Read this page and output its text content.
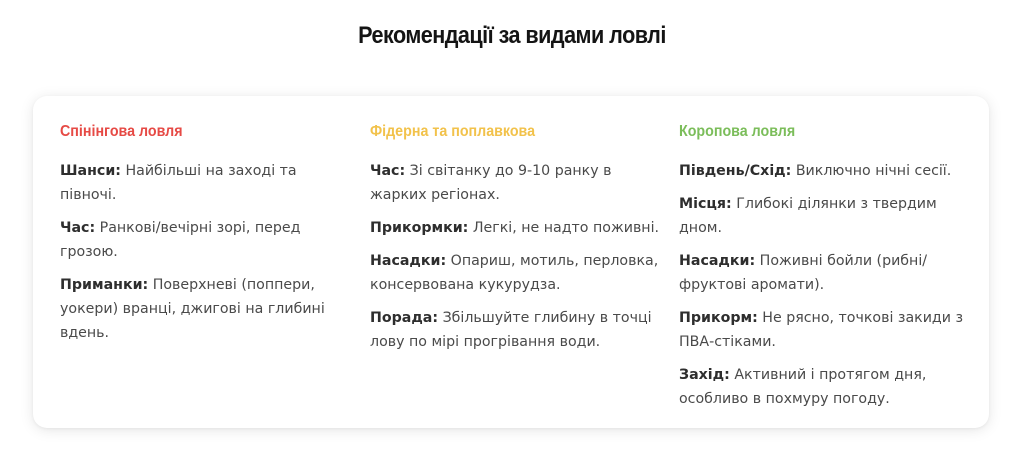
Рекомендації за видами ловлі
Спінінгова ловля

Шанси: Найбільші на заході та півночі.

Час: Ранкові/вечірні зорі, перед грозою.

Приманки: Поверхневі (поппери, уокери) вранці, джигові на глибині вдень.

Фідерна та поплавкова

Час: Зі світанку до 9-10 ранку в жарких регіонах.

Прикормки: Легкі, не надто поживні.

Насадки: Опариш, мотиль, перловка, консервована кукурудза.

Порада: Збільшуйте глибину в точці лову по мірі прогрівання води.

Коропова ловля

Південь/Схід: Виключно нічні сесії.

Місця: Глибокі ділянки з твердим дном.

Насадки: Поживні бойли (рибні/фруктові аромати).

Прикорм: Не рясно, точкові закиди з ПВА-стіками.

Захід: Активний і протягом дня, особливо в похмуру погоду.
